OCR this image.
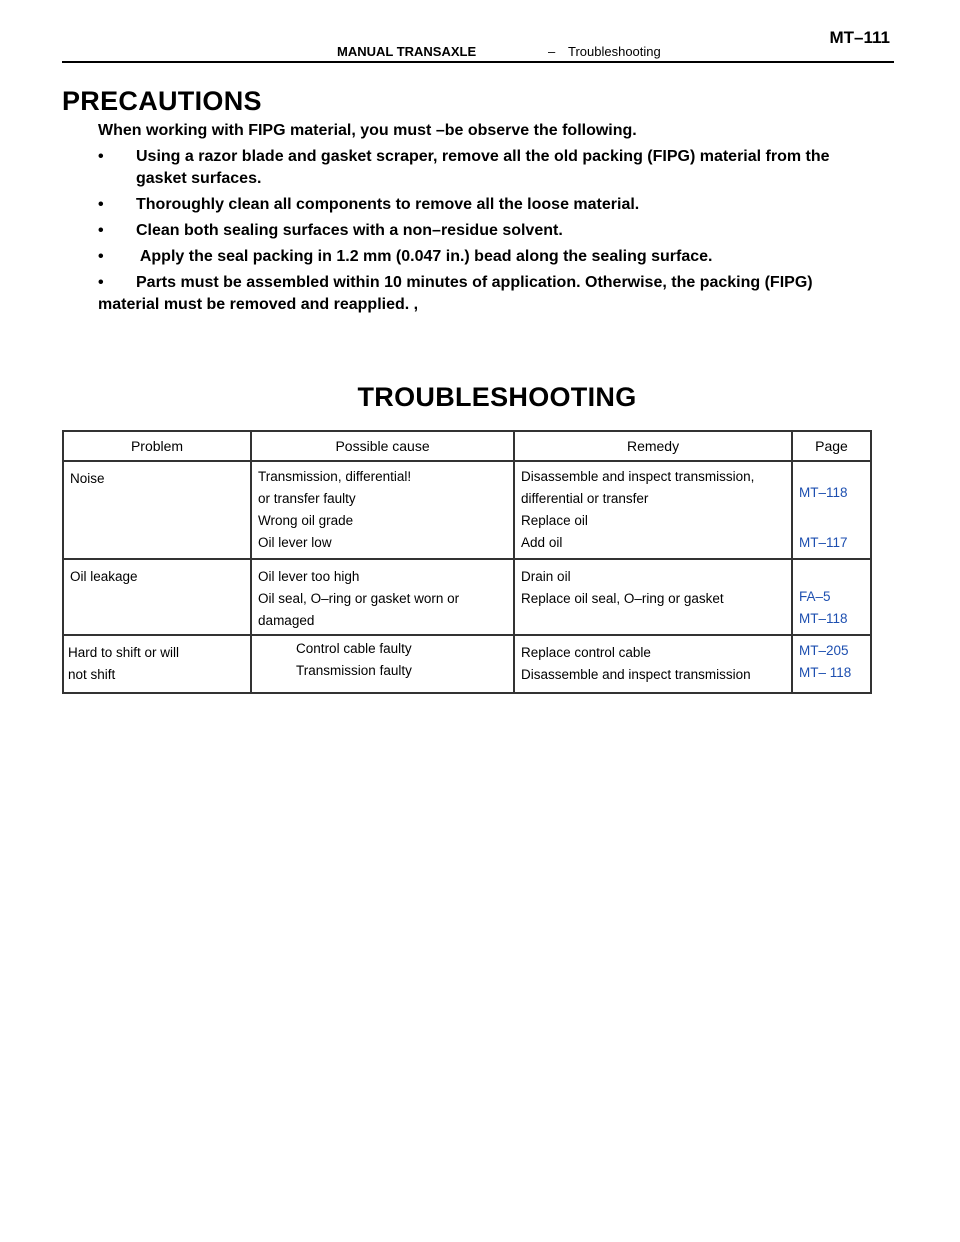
MANUAL TRANSAXLE	– Troubleshooting
MT–111
PRECAUTIONS
When working with FIPG material, you must –be observe the following.
•	Using a razor blade and gasket scraper, remove all the old packing (FIPG) material from the
gasket surfaces.
•	Thoroughly clean all components to remove all the loose material.
•	Clean both sealing surfaces with a non–residue solvent.
•	Apply the seal packing in 1.2 mm (0.047 in.) bead along the sealing surface.
•	Parts must be assembled within 10 minutes of application. Otherwise, the packing (FIPG)
material must be removed and reapplied. ,
TROUBLESHOOTING
Problem	Possible cause	Remedy	Page

Noise	Transmission, differential!
or transfer faulty
Wrong oil grade
Oil lever low	Disassemble and inspect transmission,
differential or transfer
Replace oil
Add oil	MT–118
MT–117

Oil leakage	Oil lever too high
Oil seal, O–ring or gasket worn or
damaged	Drain oil
Replace oil seal, O–ring or gasket	FA–5
MT–118

Hard to shift or will
not shift	Control cable faulty
Transmission faulty	Replace control cable
Disassemble and inspect transmission	MT–205
MT– 118
